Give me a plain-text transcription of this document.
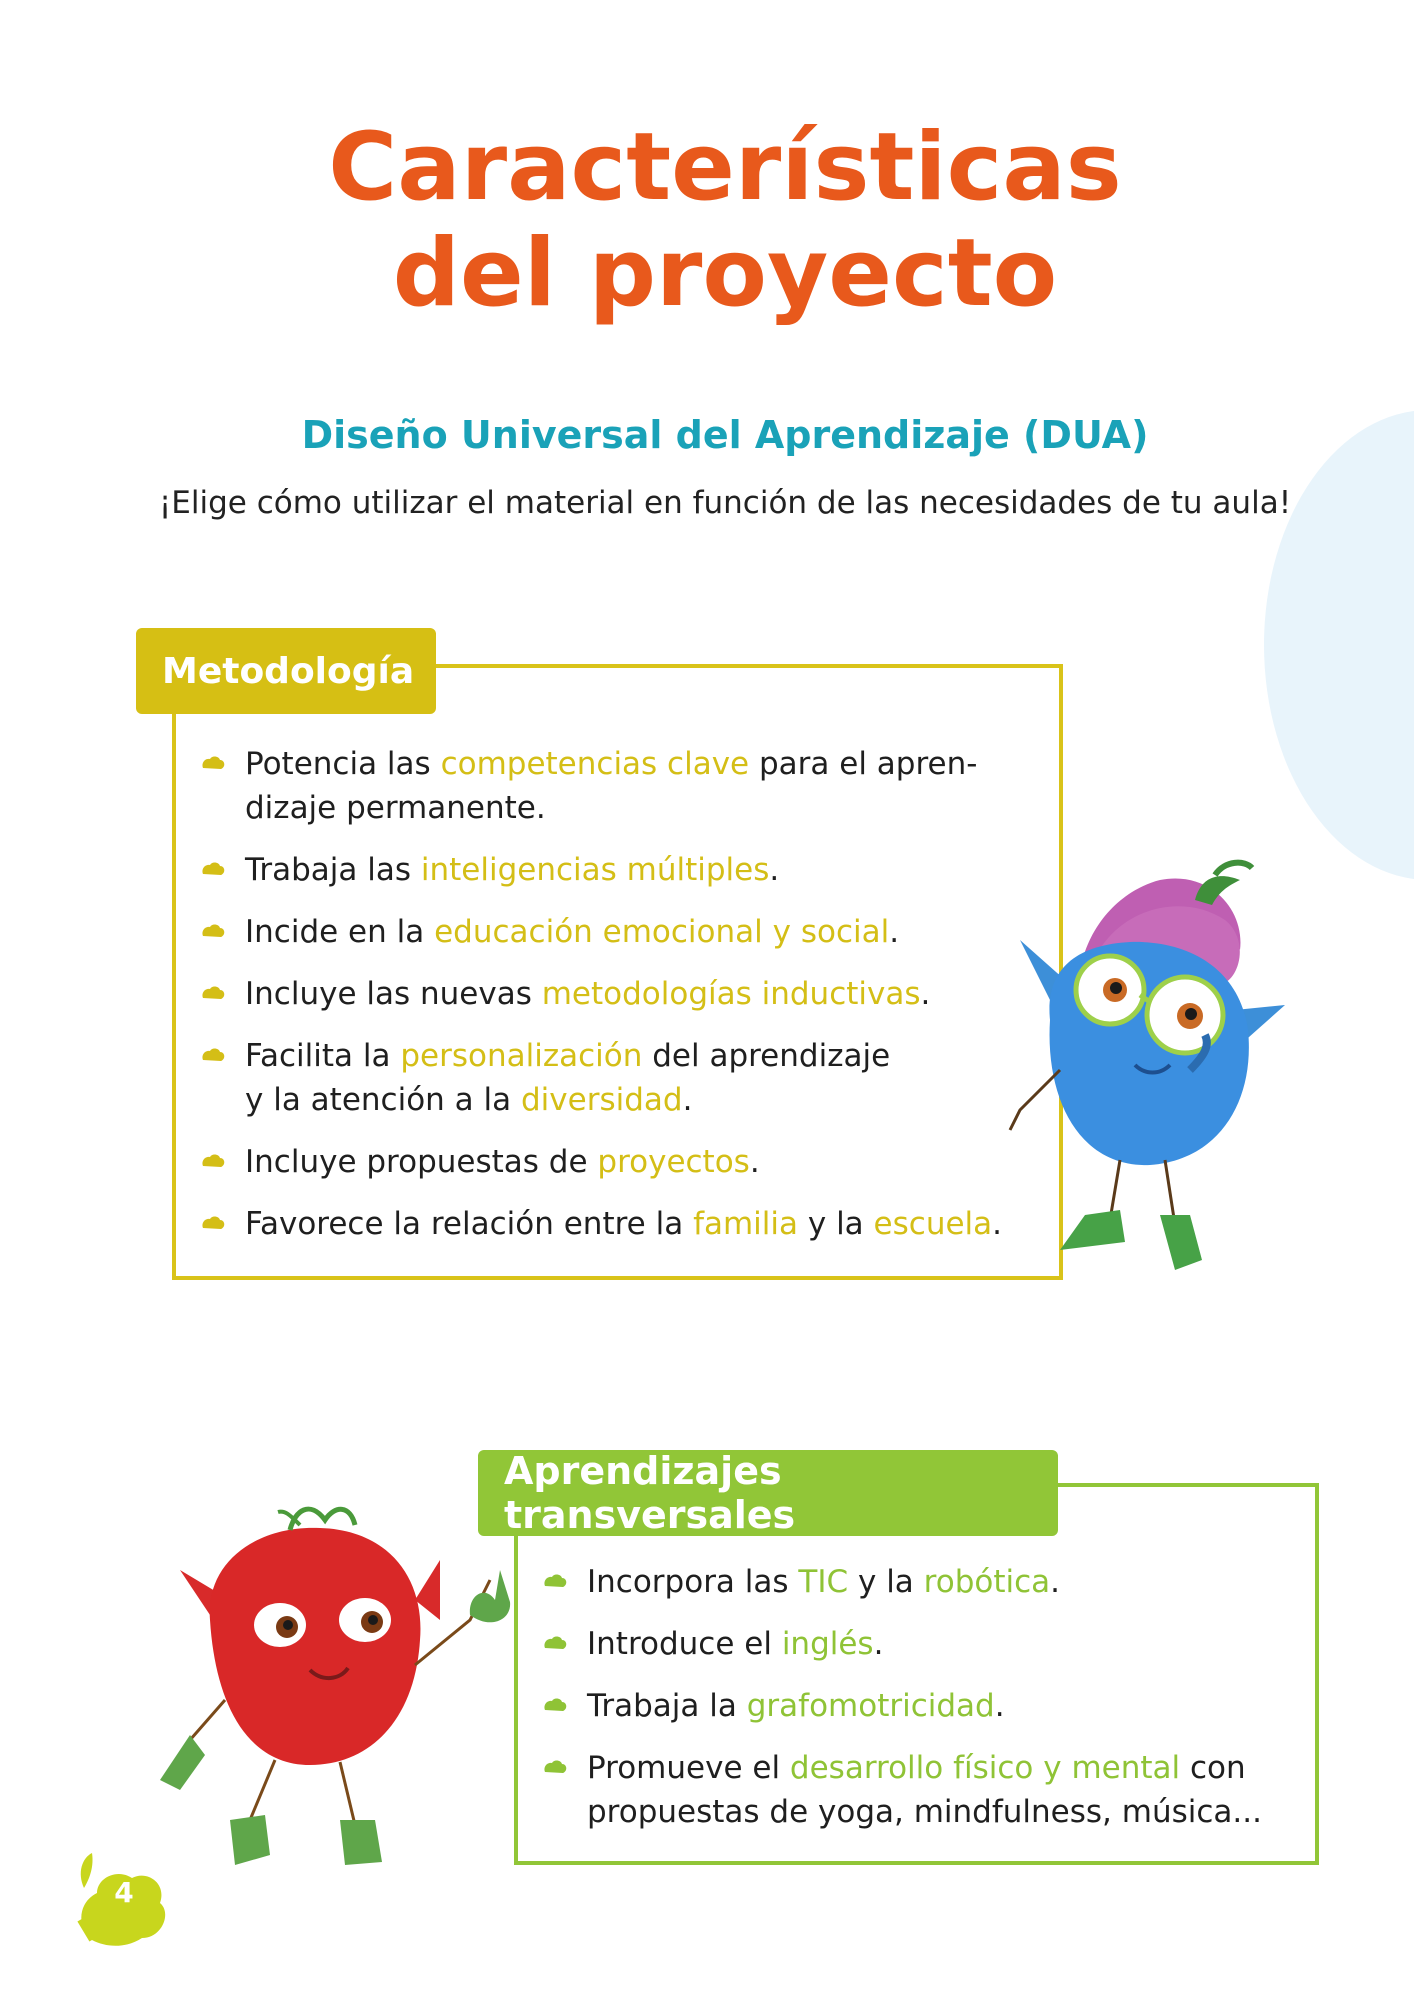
Características
del proyecto
Diseño Universal del Aprendizaje (DUA)
¡Elige cómo utilizar el material en función de las necesidades de tu aula!
Metodología
Potencia las competencias clave para el apren-
dizaje permanente.
Trabaja las inteligencias múltiples.
Incide en la educación emocional y social.
Incluye las nuevas metodologías inductivas.
Facilita la personalización del aprendizaje
y la atención a la diversidad.
Incluye propuestas de proyectos.
Favorece la relación entre la familia y la escuela.
Aprendizajes transversales
Incorpora las TIC y la robótica.
Introduce el inglés.
Trabaja la grafomotricidad.
Promueve el desarrollo físico y mental con
propuestas de yoga, mindfulness, música...
4
